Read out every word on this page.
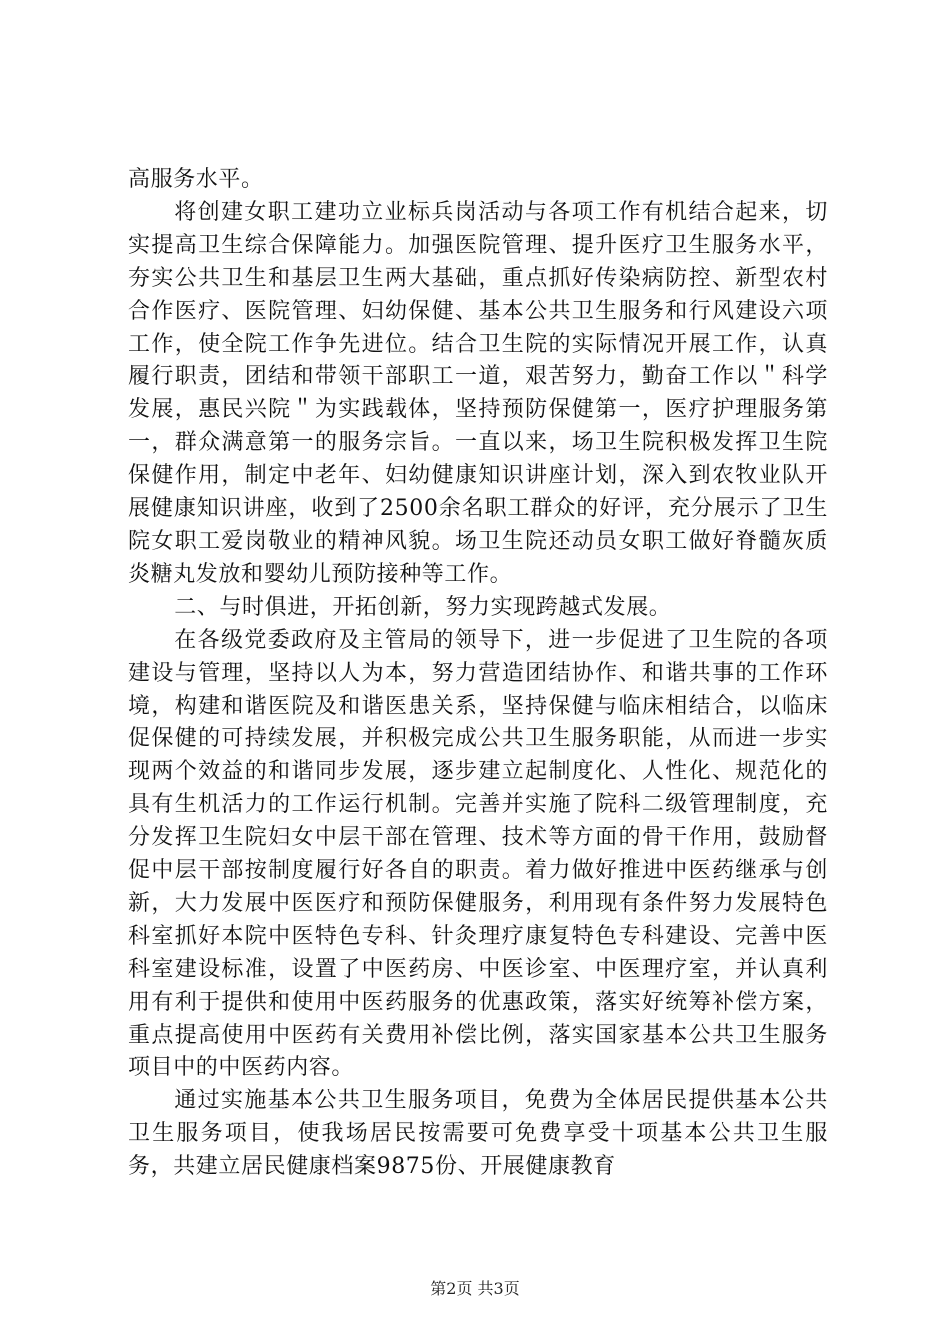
高服务水平。

将创建女职工建功立业标兵岗活动与各项工作有机结合起来，切实提高卫生综合保障能力。加强医院管理、提升医疗卫生服务水平，夯实公共卫生和基层卫生两大基础，重点抓好传染病防控、新型农村合作医疗、医院管理、妇幼保健、基本公共卫生服务和行风建设六项工作，使全院工作争先进位。结合卫生院的实际情况开展工作，认真履行职责，团结和带领干部职工一道，艰苦努力，勤奋工作以＂科学发展，惠民兴院＂为实践载体，坚持预防保健第一，医疗护理服务第一，群众满意第一的服务宗旨。一直以来，场卫生院积极发挥卫生院保健作用，制定中老年、妇幼健康知识讲座计划，深入到农牧业队开展健康知识讲座，收到了2500余名职工群众的好评，充分展示了卫生院女职工爱岗敬业的精神风貌。场卫生院还动员女职工做好脊髓灰质炎糖丸发放和婴幼儿预防接种等工作。

二、与时俱进，开拓创新，努力实现跨越式发展。

在各级党委政府及主管局的领导下，进一步促进了卫生院的各项建设与管理，坚持以人为本，努力营造团结协作、和谐共事的工作环境，构建和谐医院及和谐医患关系，坚持保健与临床相结合，以临床促保健的可持续发展，并积极完成公共卫生服务职能，从而进一步实现两个效益的和谐同步发展，逐步建立起制度化、人性化、规范化的具有生机活力的工作运行机制。完善并实施了院科二级管理制度，充分发挥卫生院妇女中层干部在管理、技术等方面的骨干作用，鼓励督促中层干部按制度履行好各自的职责。着力做好推进中医药继承与创新，大力发展中医医疗和预防保健服务，利用现有条件努力发展特色科室抓好本院中医特色专科、针灸理疗康复特色专科建设、完善中医科室建设标准，设置了中医药房、中医诊室、中医理疗室，并认真利用有利于提供和使用中医药服务的优惠政策，落实好统筹补偿方案，重点提高使用中医药有关费用补偿比例，落实国家基本公共卫生服务项目中的中医药内容。

通过实施基本公共卫生服务项目，免费为全体居民提供基本公共卫生服务项目，使我场居民按需要可免费享受十项基本公共卫生服务，共建立居民健康档案9875份、开展健康教育

第2页 共3页
